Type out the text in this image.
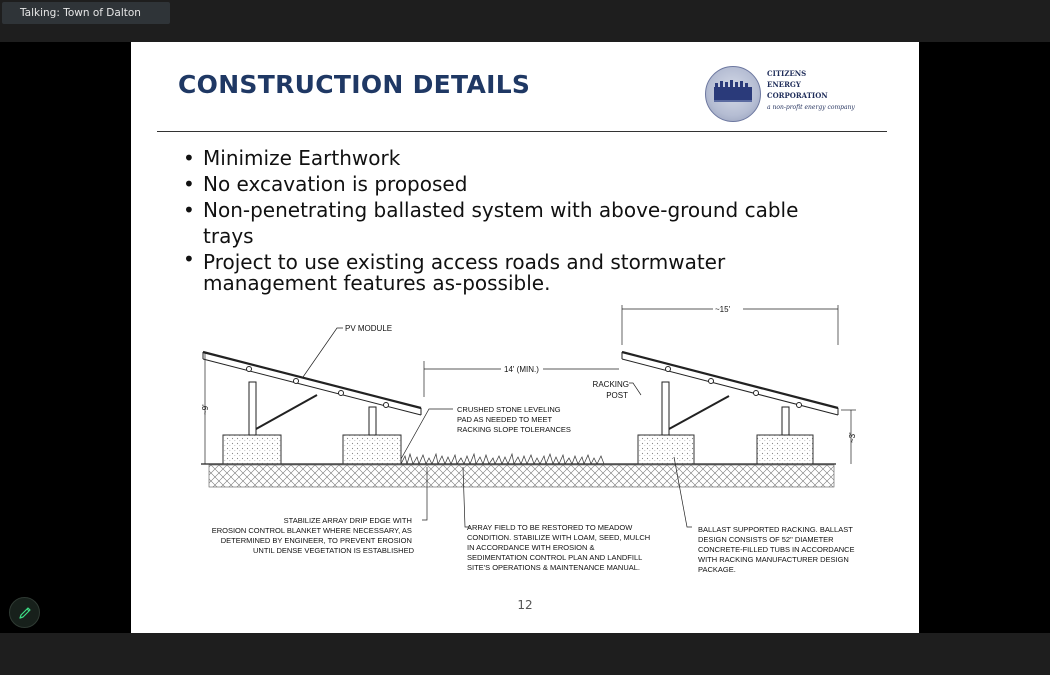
Talking: Town of Dalton
CONSTRUCTION DETAILS	CITIZENS
ENERGY
CORPORATION
a non-profit energy company
• Minimize Earthwork
• No excavation is proposed
• Non-penetrating ballasted system with above-ground cable trays
• Project to use existing access roads and stormwater management features as-possible.
PV MODULE
14' (MIN.)
~15'
~9'
~3'
RACKING
POST
CRUSHED STONE LEVELING PAD AS NEEDED TO MEET RACKING SLOPE TOLERANCES
STABILIZE ARRAY DRIP EDGE WITH EROSION CONTROL BLANKET WHERE NECESSARY, AS DETERMINED BY ENGINEER, TO PREVENT EROSION UNTIL DENSE VEGETATION IS ESTABLISHED
ARRAY FIELD TO BE RESTORED TO MEADOW CONDITION. STABILIZE WITH LOAM, SEED, MULCH IN ACCORDANCE WITH EROSION & SEDIMENTATION CONTROL PLAN AND LANDFILL SITE'S OPERATIONS & MAINTENANCE MANUAL.
BALLAST SUPPORTED RACKING. BALLAST DESIGN CONSISTS OF 52" DIAMETER CONCRETE-FILLED TUBS IN ACCORDANCE WITH RACKING MANUFACTURER DESIGN PACKAGE.
12
